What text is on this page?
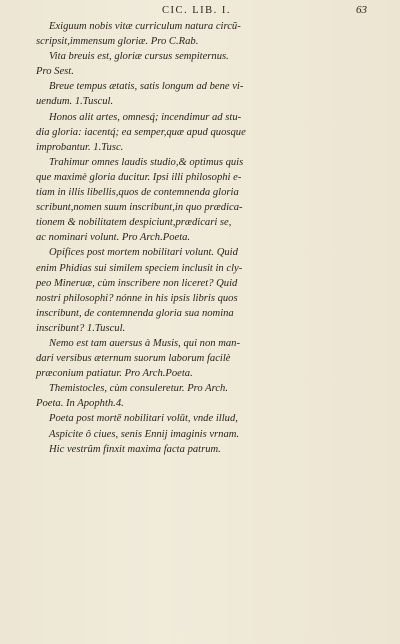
CIC. LIB. I.	63
Exiguum nobis vitæ curriculum natura circũ-
scripsit,immensum gloriæ. Pro C.Rab.
Vita breuis est, gloriæ cursus sempiternus.
Pro Sest.
Breue tempus ætatis, satis longum ad bene vi-
uendum. 1.Tuscul.
Honos alit artes, omnesq́; incendimur ad stu-
dia gloria: iacentq́; ea semper,quæ apud quosque
improbantur. 1.Tusc.
Trahimur omnes laudis studio,& optimus quis
que maximè gloria ducitur. Ipsi illi philosophi e-
tiam in illis libellis,quos de contemnenda gloria
scribunt,nomen suum inscribunt,in quo prædica-
tionem & nobilitatem despiciunt,prædicari se,
ac nominari volunt. Pro Arch.Poeta.
Opifices post mortem nobilitari volunt. Quid
enim Phidias sui similem speciem inclusit in cly-
peo Mineruæ, cùm inscribere non liceret? Quid
nostri philosophi? nónne in his ipsis libris quos
inscribunt, de contemnenda gloria sua nomina
inscribunt? 1.Tuscul.
Nemo est tam auersus à Musis, qui non man-
dari versibus æternum suorum laborum facilè
præconium patiatur. Pro Arch.Poeta.
Themistocles, cùm consuleretur. Pro Arch.
Poeta. In Apophth.4.
Poeta post mortē nobilitari volūt, vnde illud,
Aspicite ô ciues, senis Ennij imaginis vrnam.
Hic vestrûm finxit maxima facta patrum.
